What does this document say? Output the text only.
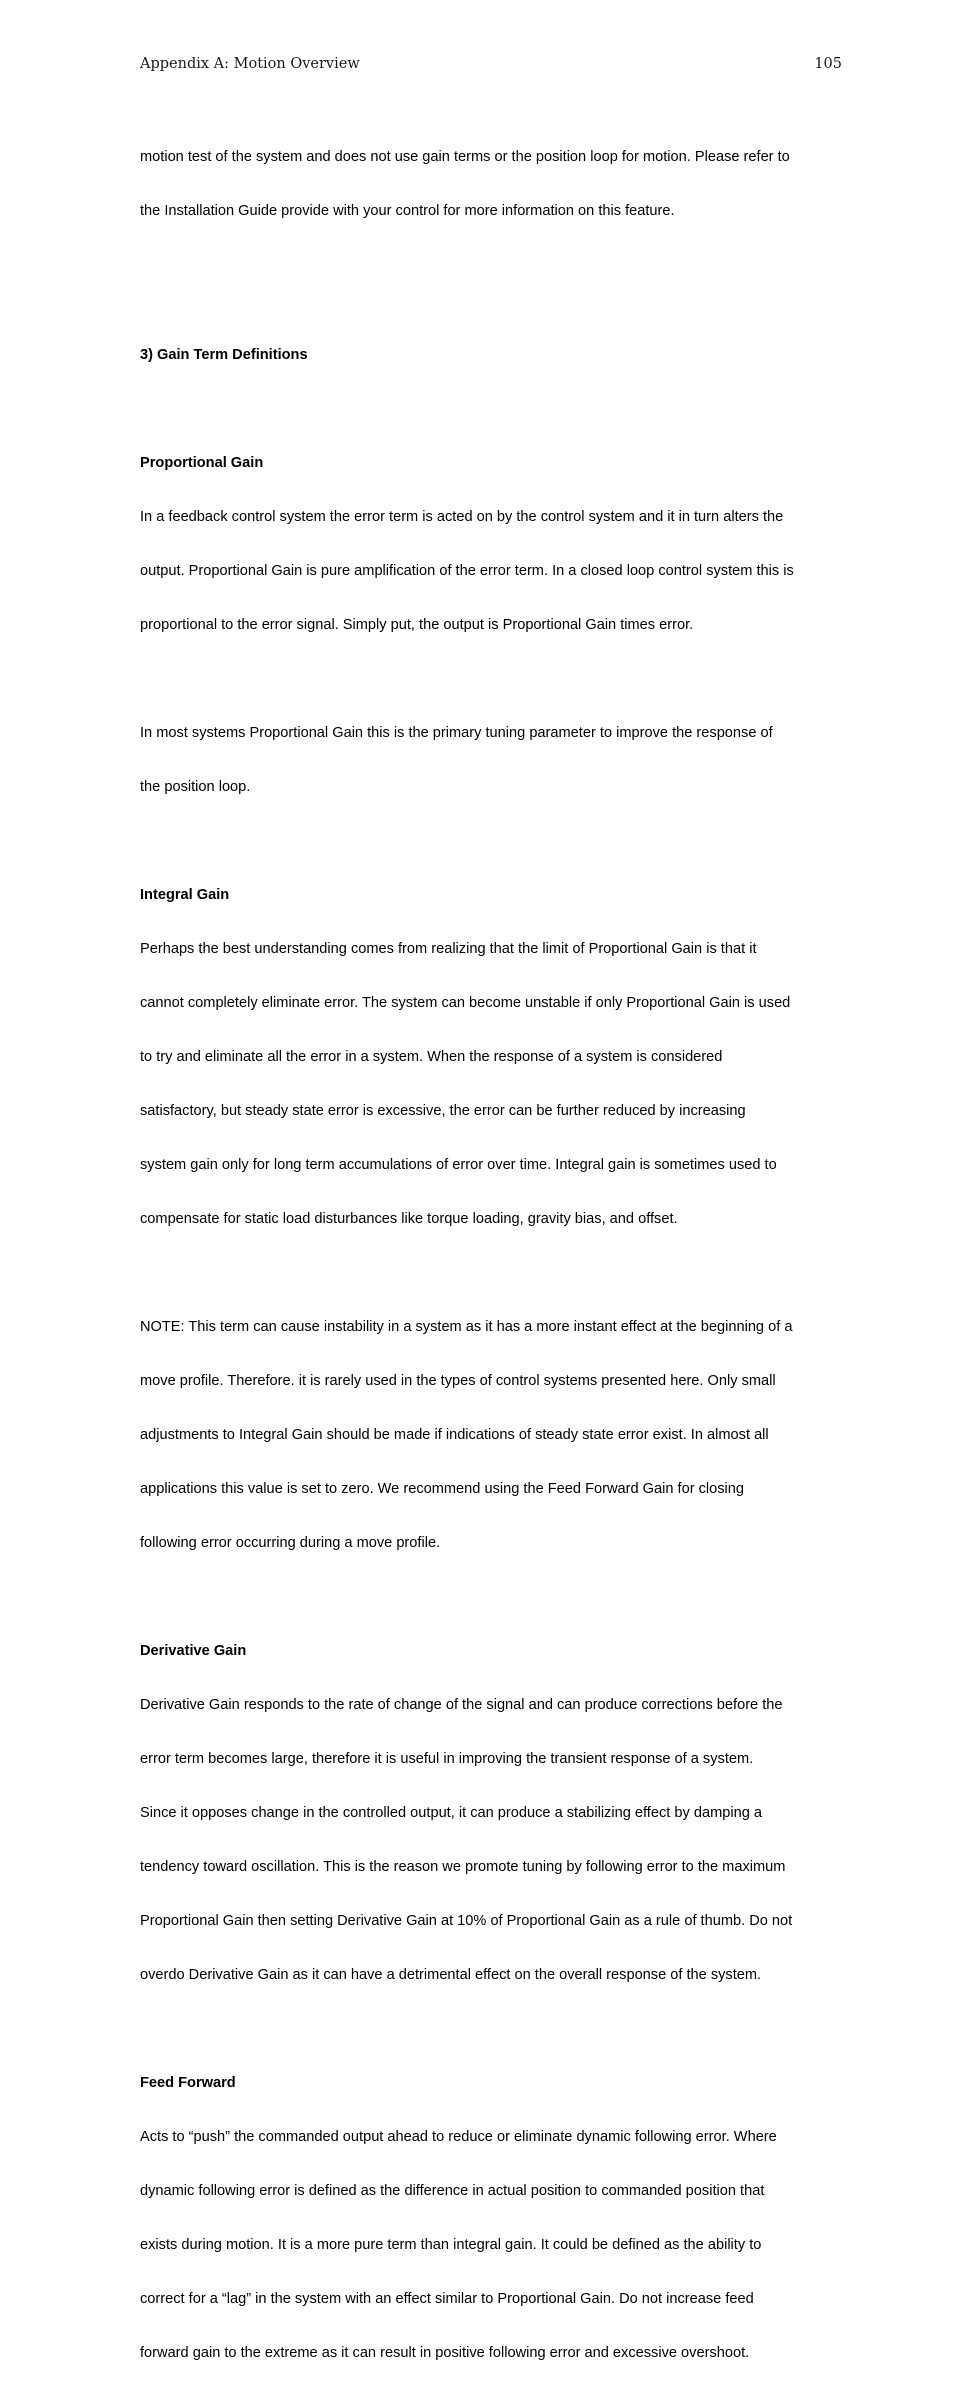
Appendix A: Motion Overview	105

motion test of the system and does not use gain terms or the position loop for motion. Please refer to

the Installation Guide provide with your control for more information on this feature.

3) Gain Term Definitions

Proportional Gain

In a feedback control system the error term is acted on by the control system and it in turn alters the

output. Proportional Gain is pure amplification of the error term. In a closed loop control system this is

proportional to the error signal. Simply put, the output is Proportional Gain times error.

In most systems Proportional Gain this is the primary tuning parameter to improve the response of

the position loop.

Integral Gain

Perhaps the best understanding comes from realizing that the limit of Proportional Gain is that it

cannot completely eliminate error. The system can become unstable if only Proportional Gain is used

to try and eliminate all the error in a system. When the response of a system is considered

satisfactory, but steady state error is excessive, the error can be further reduced by increasing

system gain only for long term accumulations of error over time. Integral gain is sometimes used to

compensate for static load disturbances like torque loading, gravity bias, and offset.

NOTE: This term can cause instability in a system as it has a more instant effect at the beginning of a

move profile. Therefore. it is rarely used in the types of control systems presented here. Only small

adjustments to Integral Gain should be made if indications of steady state error exist. In almost all

applications this value is set to zero. We recommend using the Feed Forward Gain for closing

following error occurring during a move profile.

Derivative Gain

Derivative Gain responds to the rate of change of the signal and can produce corrections before the

error term becomes large, therefore it is useful in improving the transient response of a system.

Since it opposes change in the controlled output, it can produce a stabilizing effect by damping a

tendency toward oscillation. This is the reason we promote tuning by following error to the maximum

Proportional Gain then setting Derivative Gain at 10% of Proportional Gain as a rule of thumb. Do not

overdo Derivative Gain as it can have a detrimental effect on the overall response of the system.

Feed Forward

Acts to “push” the commanded output ahead to reduce or eliminate dynamic following error. Where

dynamic following error is defined as the difference in actual position to commanded position that

exists during motion. It is a more pure term than integral gain. It could be defined as the ability to

correct for a “lag” in the system with an effect similar to Proportional Gain. Do not increase feed

forward gain to the extreme as it can result in positive following error and excessive overshoot.
